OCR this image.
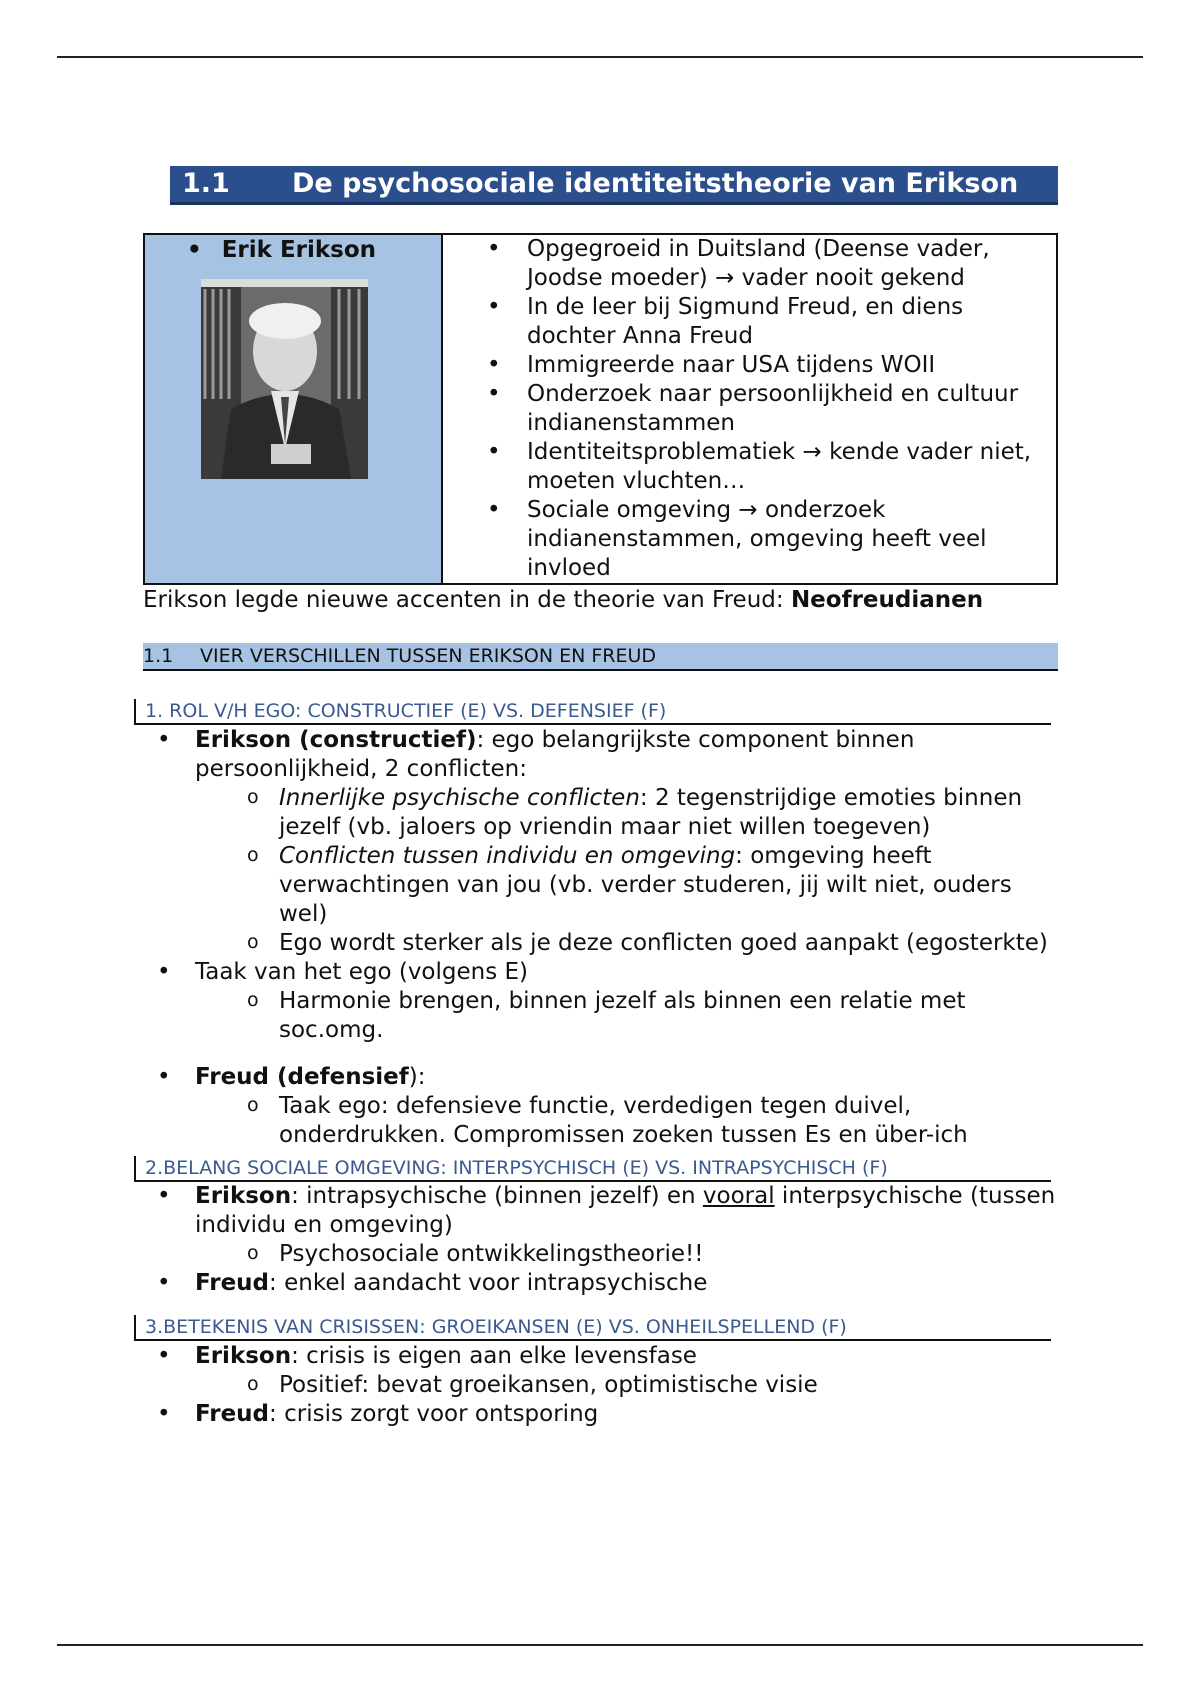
1.1	De psychosociale identiteitstheorie van Erikson
• Erik Erikson

•Opgegroeid in Duitsland (Deense vader, Joodse moeder) → vader nooit gekend
• In de leer bij Sigmund Freud, en diens dochter Anna Freud
• Immigreerde naar USA tijdens WOII
• Onderzoek naar persoonlijkheid en cultuur indianenstammen
• Identiteitsproblematiek → kende vader niet, moeten vluchten…
• Sociale omgeving → onderzoek indianenstammen, omgeving heeft veel invloed
Erikson legde nieuwe accenten in de theorie van Freud: Neofreudianen
1.1	VIER VERSCHILLEN TUSSEN ERIKSON EN FREUD
1. ROL V/H EGO: CONSTRUCTIEF (E) VS. DEFENSIEF (F)
• Erikson (constructief): ego belangrijkste component binnen persoonlijkheid, 2 conflicten:
o Innerlijke psychische conflicten: 2 tegenstrijdige emoties binnen jezelf (vb. jaloers op vriendin maar niet willen toegeven)
o Conflicten tussen individu en omgeving: omgeving heeft verwachtingen van jou (vb. verder studeren, jij wilt niet, ouders wel)
o Ego wordt sterker als je deze conflicten goed aanpakt (egosterkte)
• Taak van het ego (volgens E)
o Harmonie brengen, binnen jezelf als binnen een relatie met soc.omg.
• Freud (defensief):
o Taak ego: defensieve functie, verdedigen tegen duivel, onderdrukken. Compromissen zoeken tussen Es en über-ich
2.BELANG SOCIALE OMGEVING: INTERPSYCHISCH (E) VS. INTRAPSYCHISCH (F)
• Erikson: intrapsychische (binnen jezelf) en vooral interpsychische (tussen individu en omgeving)
o Psychosociale ontwikkelingstheorie!!
• Freud: enkel aandacht voor intrapsychische
3.BETEKENIS VAN CRISISSEN: GROEIKANSEN (E) VS. ONHEILSPELLEND (F)
• Erikson: crisis is eigen aan elke levensfase
o Positief: bevat groeikansen, optimistische visie
• Freud: crisis zorgt voor ontsporing
